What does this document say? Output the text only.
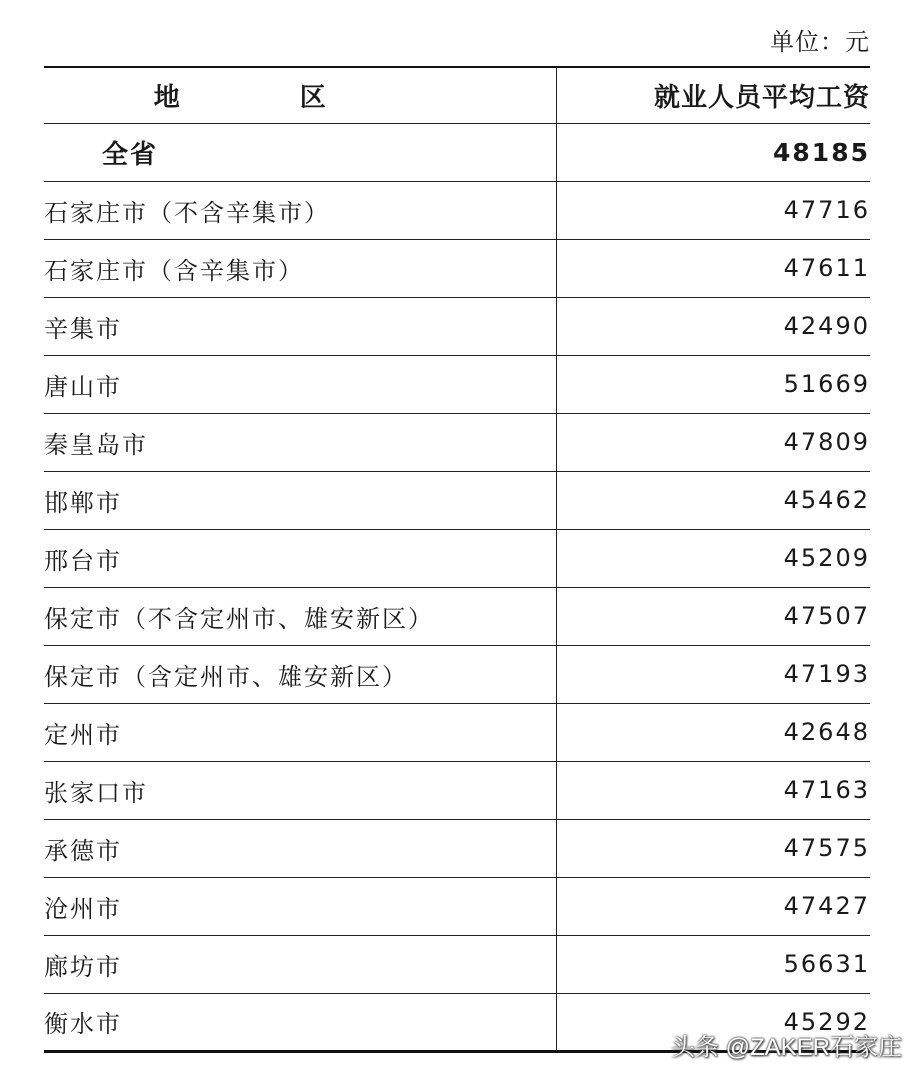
单位：元
地区	就业人员平均工资
全省	48185
石家庄市（不含辛集市）	47716
石家庄市（含辛集市）	47611
辛集市	42490
唐山市	51669
秦皇岛市	47809
邯郸市	45462
邢台市	45209
保定市（不含定州市、雄安新区）	47507
保定市（含定州市、雄安新区）	47193
定州市	42648
张家口市	47163
承德市	47575
沧州市	47427
廊坊市	56631
衡水市	45292
头条 @ZAKER石家庄
